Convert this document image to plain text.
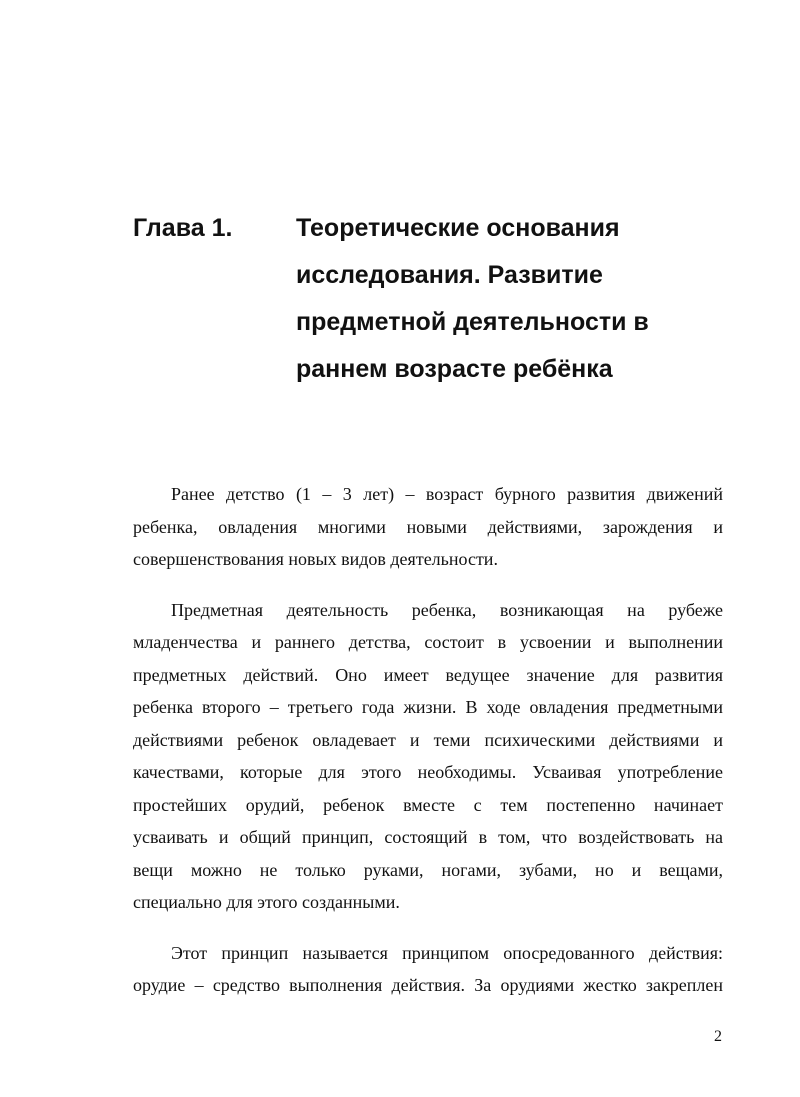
Глава 1.	Теоретические основания
исследования. Развитие
предметной деятельности в
раннем возрасте ребёнка
Ранее детство (1 – 3 лет) – возраст бурного развития движений
ребенка, овладения многими новыми действиями, зарождения и
совершенствования новых видов деятельности.
Предметная деятельность ребенка, возникающая на рубеже
младенчества и раннего детства, состоит в усвоении и выполнении
предметных действий. Оно имеет ведущее значение для развития
ребенка второго – третьего года жизни. В ходе овладения предметными
действиями ребенок овладевает и теми психическими действиями и
качествами, которые для этого необходимы. Усваивая употребление
простейших орудий, ребенок вместе с тем постепенно начинает
усваивать и общий принцип, состоящий в том, что воздействовать на
вещи можно не только руками, ногами, зубами, но и вещами,
специально для этого созданными.
Этот принцип называется принципом опосредованного действия:
орудие – средство выполнения действия. За орудиями жестко закреплен
2
